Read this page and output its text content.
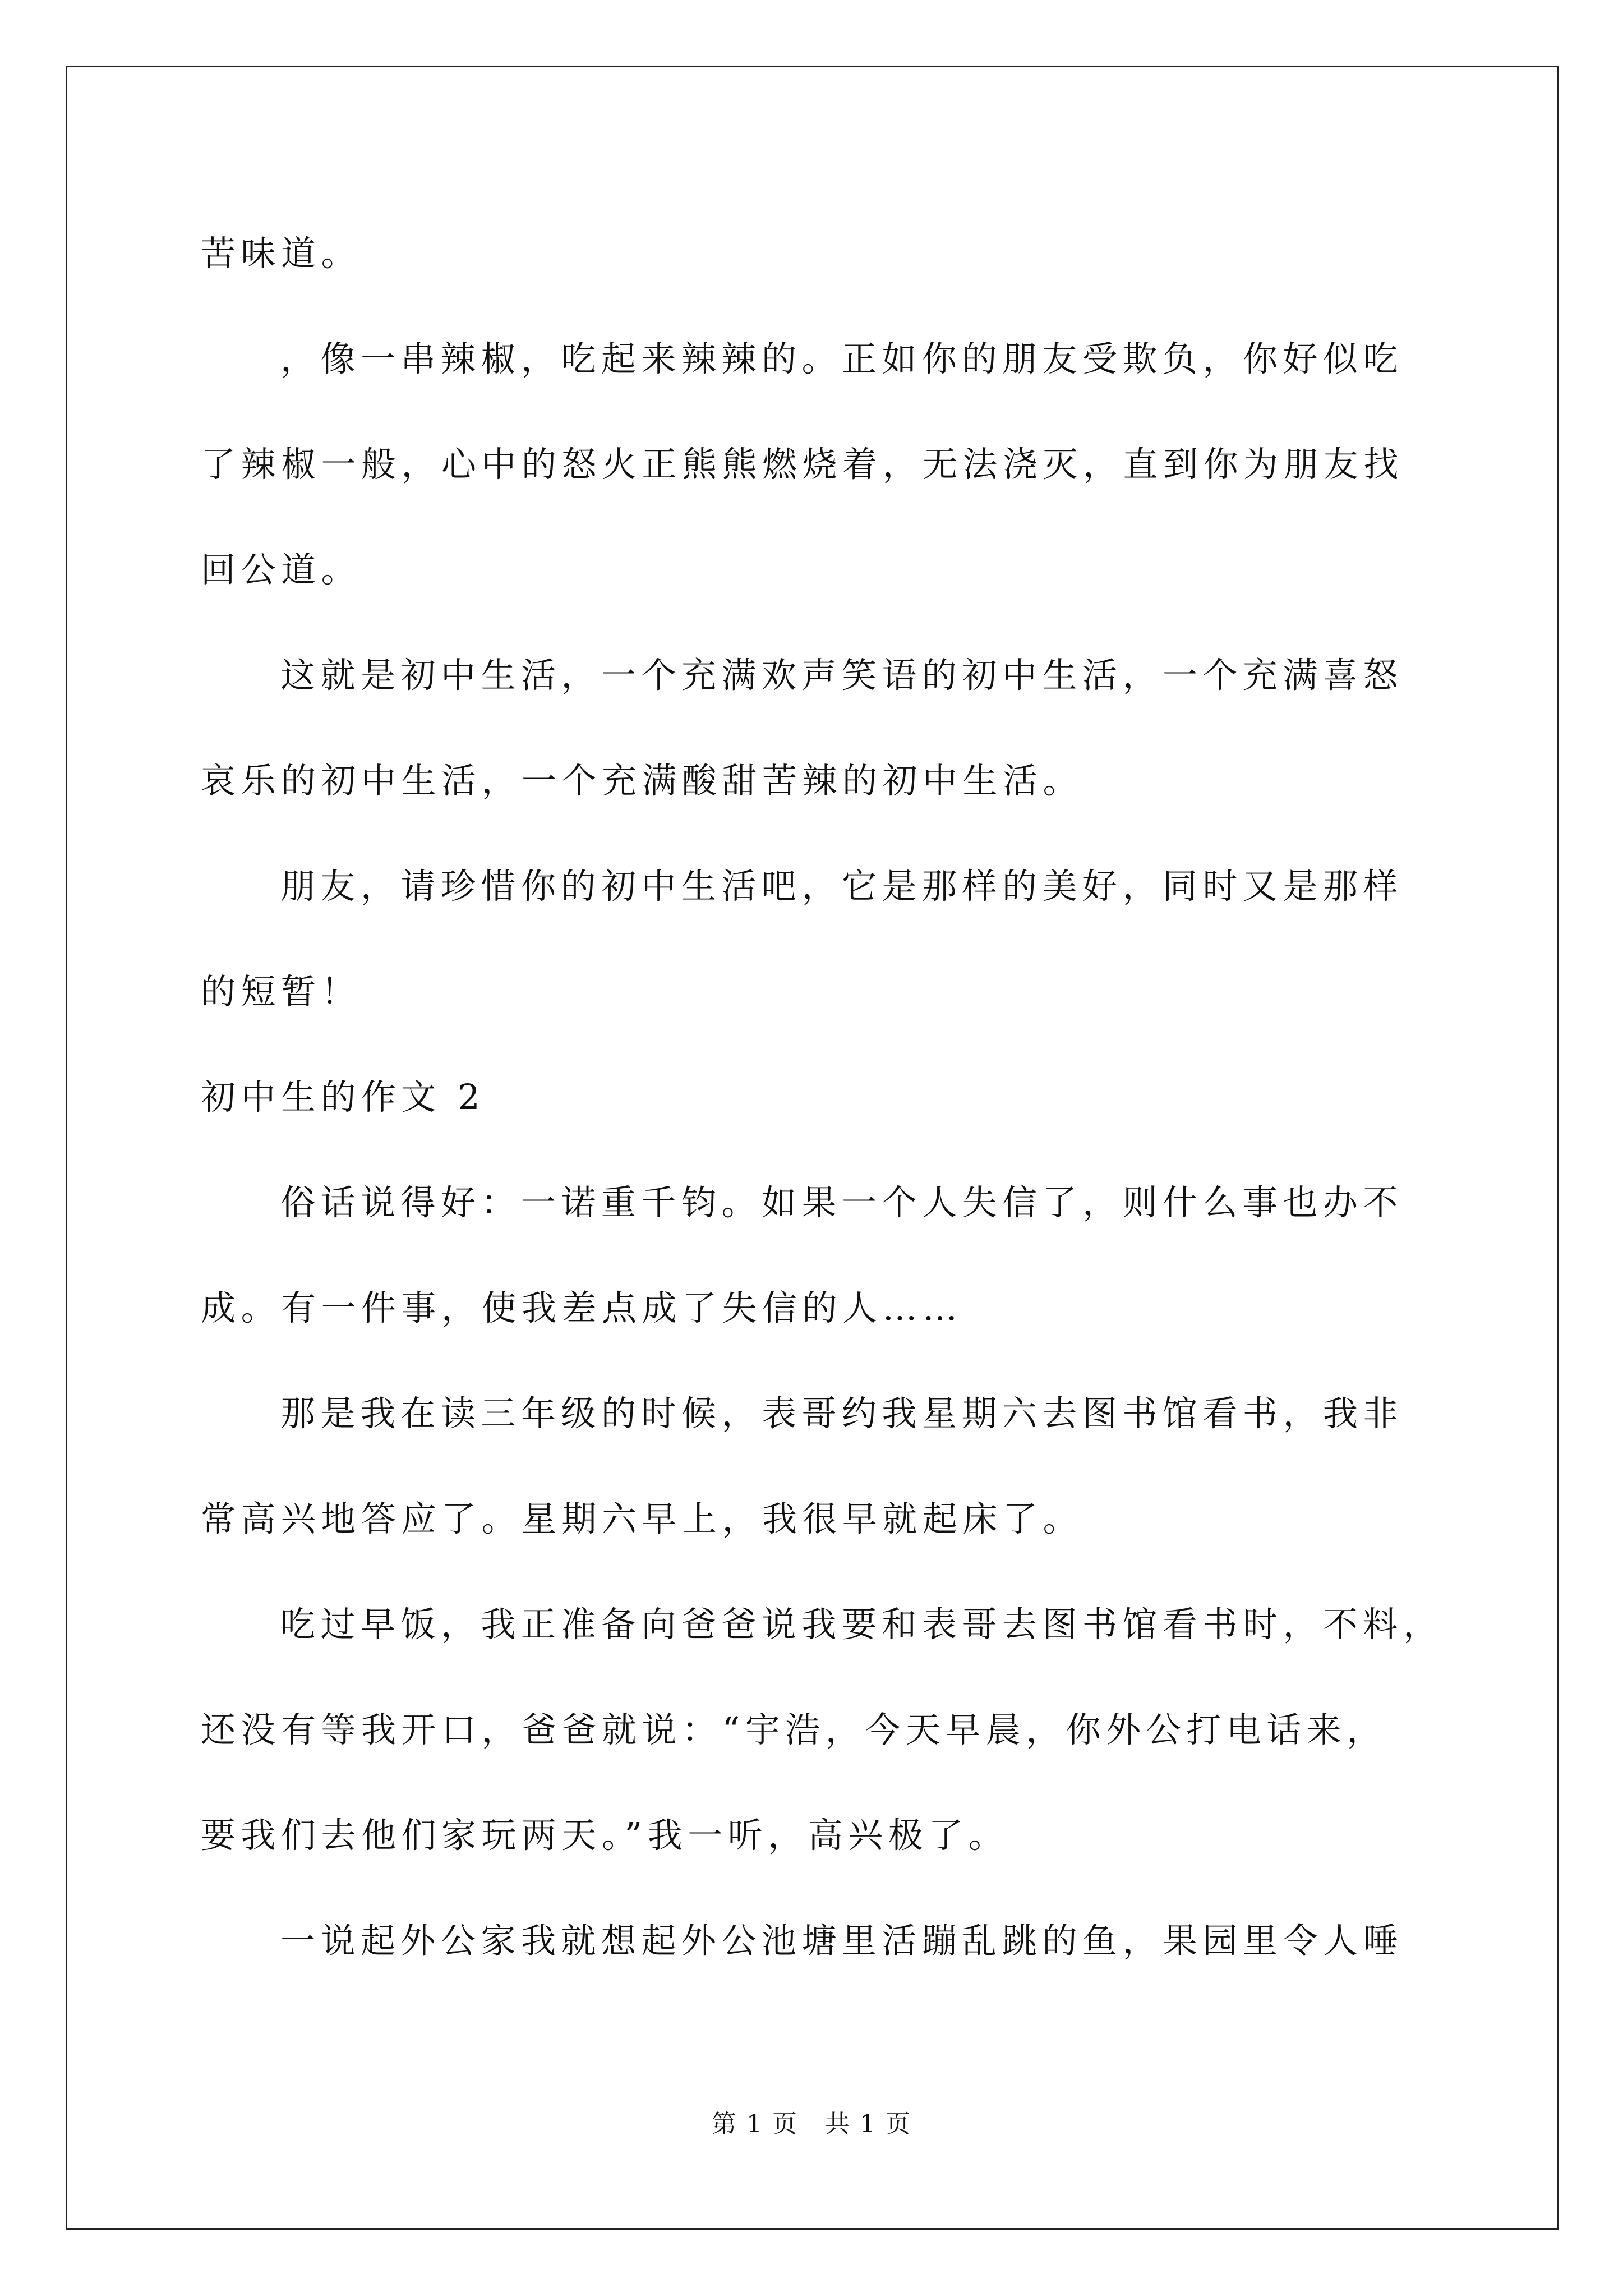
苦味道。
，像一串辣椒，吃起来辣辣的。正如你的朋友受欺负，你好似吃
了辣椒一般，心中的怒火正熊熊燃烧着，无法浇灭，直到你为朋友找
回公道。
这就是初中生活，一个充满欢声笑语的初中生活，一个充满喜怒
哀乐的初中生活，一个充满酸甜苦辣的初中生活。
朋友，请珍惜你的初中生活吧，它是那样的美好，同时又是那样
的短暂！
初中生的作文 2
俗话说得好：一诺重千钧。如果一个人失信了，则什么事也办不
成。有一件事，使我差点成了失信的人……
那是我在读三年级的时候，表哥约我星期六去图书馆看书，我非
常高兴地答应了。星期六早上，我很早就起床了。
吃过早饭，我正准备向爸爸说我要和表哥去图书馆看书时，不料，
还没有等我开口，爸爸就说：“宇浩，今天早晨，你外公打电话来，
要我们去他们家玩两天。”我一听，高兴极了。
一说起外公家我就想起外公池塘里活蹦乱跳的鱼，果园里令人唾
第 1 页   共 1 页
